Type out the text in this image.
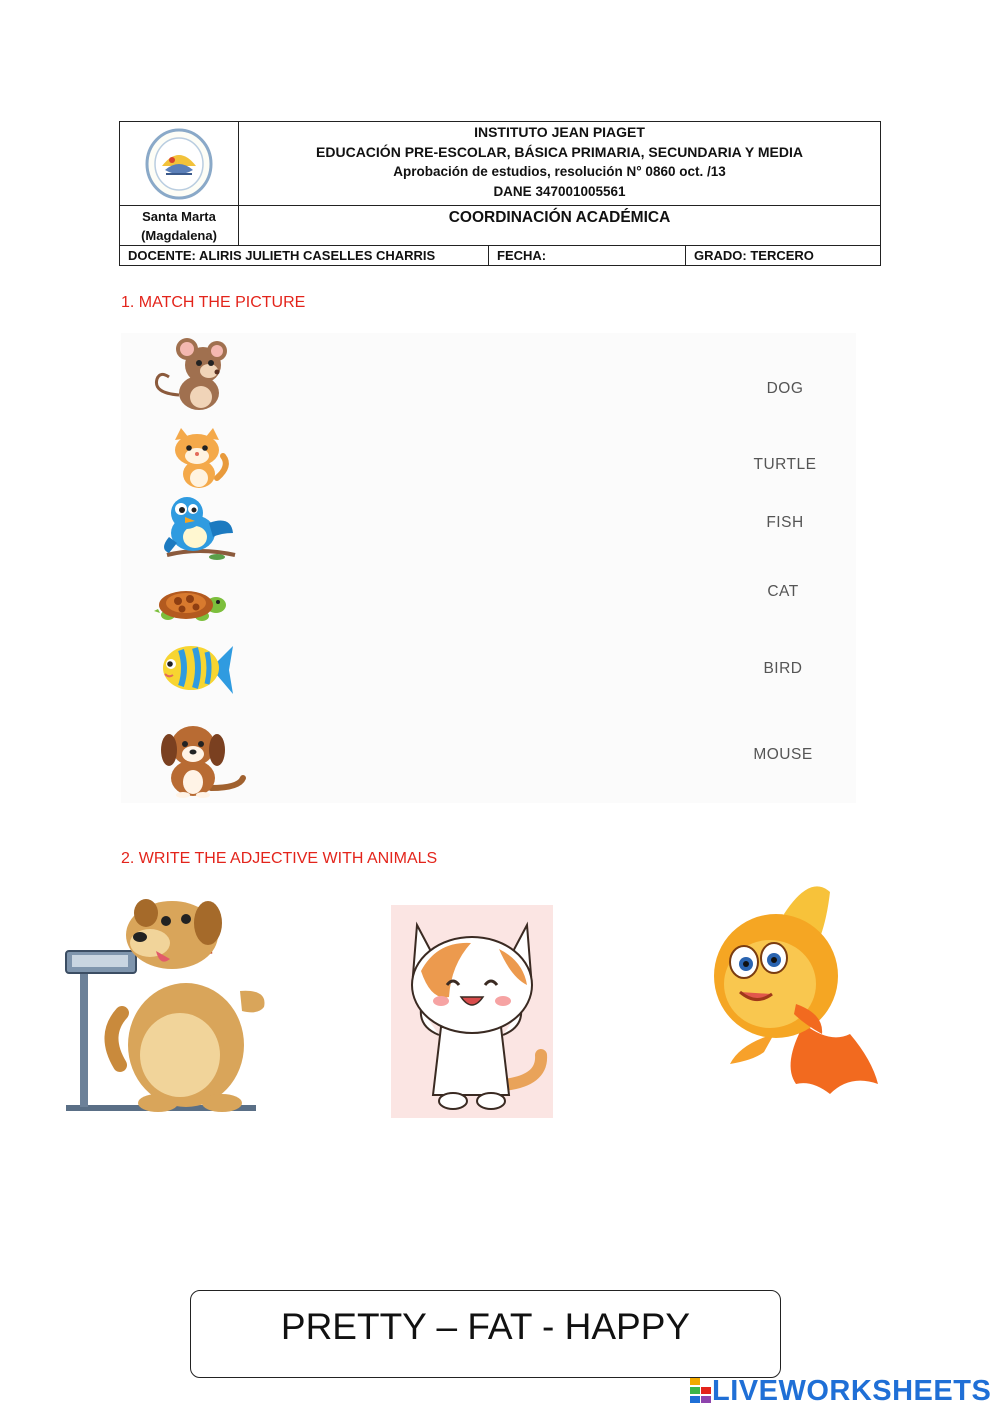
INSTITUTO JEAN PIAGET
EDUCACIÓN PRE-ESCOLAR, BÁSICA PRIMARIA, SECUNDARIA Y MEDIA
Aprobación de estudios, resolución N° 0860 oct. /13
DANE 347001005561
Santa Marta
(Magdalena)
COORDINACIÓN ACADÉMICA
DOCENTE: ALIRIS JULIETH CASELLES CHARRIS	FECHA:	GRADO: TERCERO
1. MATCH THE PICTURE
DOG
TURTLE
FISH
CAT
BIRD
MOUSE
2. WRITE THE ADJECTIVE WITH ANIMALS
PRETTY – FAT - HAPPY
LIVEWORKSHEETS
